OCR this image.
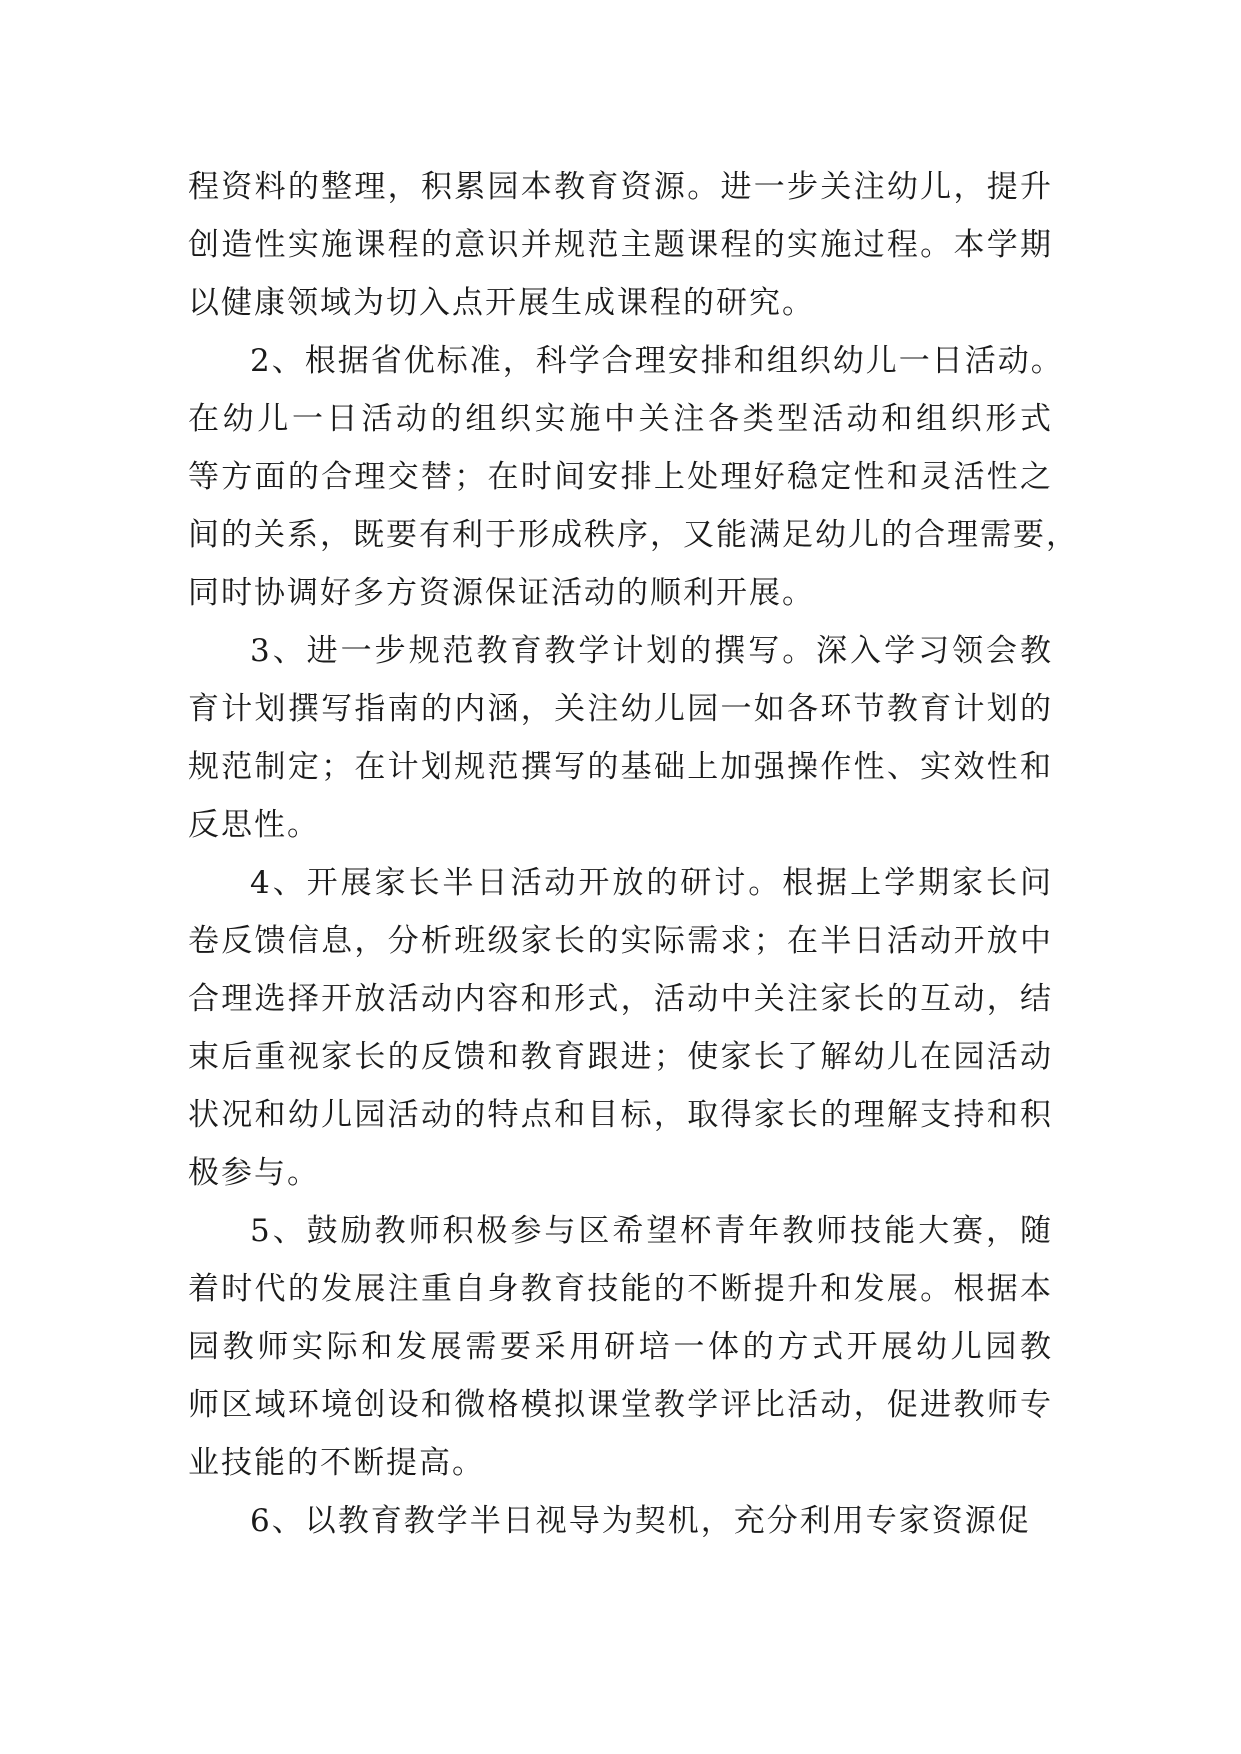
程资料的整理，积累园本教育资源。进一步关注幼儿，提升
创造性实施课程的意识并规范主题课程的实施过程。本学期
以健康领域为切入点开展生成课程的研究。
2、根据省优标准，科学合理安排和组织幼儿一日活动。
在幼儿一日活动的组织实施中关注各类型活动和组织形式
等方面的合理交替；在时间安排上处理好稳定性和灵活性之
间的关系，既要有利于形成秩序，又能满足幼儿的合理需要，
同时协调好多方资源保证活动的顺利开展。
3、进一步规范教育教学计划的撰写。深入学习领会教
育计划撰写指南的内涵，关注幼儿园一如各环节教育计划的
规范制定；在计划规范撰写的基础上加强操作性、实效性和
反思性。
4、开展家长半日活动开放的研讨。根据上学期家长问
卷反馈信息，分析班级家长的实际需求；在半日活动开放中
合理选择开放活动内容和形式，活动中关注家长的互动，结
束后重视家长的反馈和教育跟进；使家长了解幼儿在园活动
状况和幼儿园活动的特点和目标，取得家长的理解支持和积
极参与。
5、鼓励教师积极参与区希望杯青年教师技能大赛，随
着时代的发展注重自身教育技能的不断提升和发展。根据本
园教师实际和发展需要采用研培一体的方式开展幼儿园教
师区域环境创设和微格模拟课堂教学评比活动，促进教师专
业技能的不断提高。
6、以教育教学半日视导为契机，充分利用专家资源促
